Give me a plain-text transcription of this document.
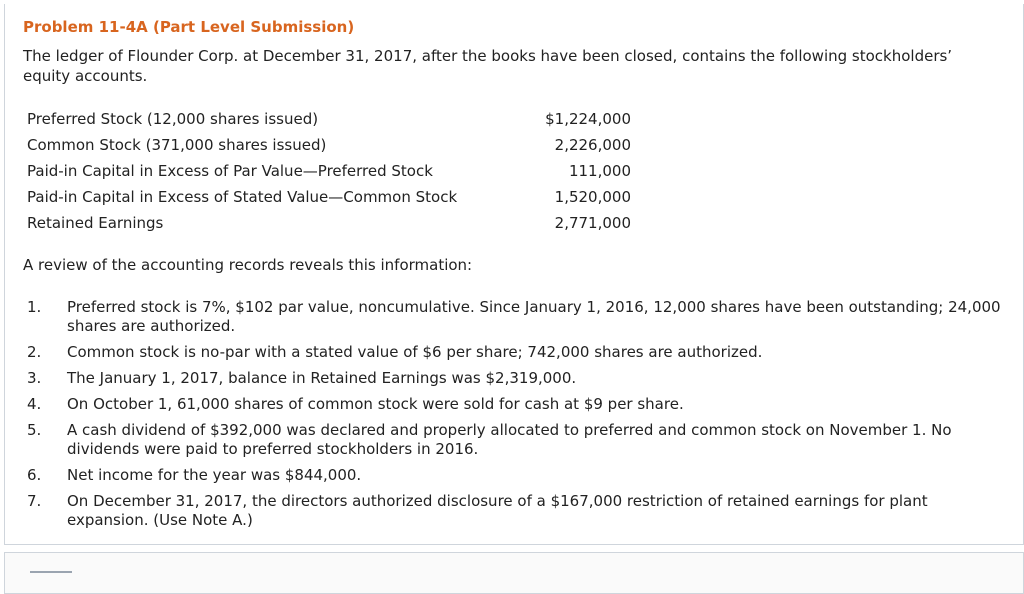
Problem 11-4A (Part Level Submission)
The ledger of Flounder Corp. at December 31, 2017, after the books have been closed, contains the following stockholders’ equity accounts.
Preferred Stock (12,000 shares issued)	$1,224,000
Common Stock (371,000 shares issued)	2,226,000
Paid-in Capital in Excess of Par Value—Preferred Stock	111,000
Paid-in Capital in Excess of Stated Value—Common Stock	1,520,000
Retained Earnings	2,771,000
A review of the accounting records reveals this information:
1. Preferred stock is 7%, $102 par value, noncumulative. Since January 1, 2016, 12,000 shares have been outstanding; 24,000 shares are authorized.
2. Common stock is no-par with a stated value of $6 per share; 742,000 shares are authorized.
3. The January 1, 2017, balance in Retained Earnings was $2,319,000.
4. On October 1, 61,000 shares of common stock were sold for cash at $9 per share.
5. A cash dividend of $392,000 was declared and properly allocated to preferred and common stock on November 1. No dividends were paid to preferred stockholders in 2016.
6. Net income for the year was $844,000.
7. On December 31, 2017, the directors authorized disclosure of a $167,000 restriction of retained earnings for plant expansion. (Use Note A.)
